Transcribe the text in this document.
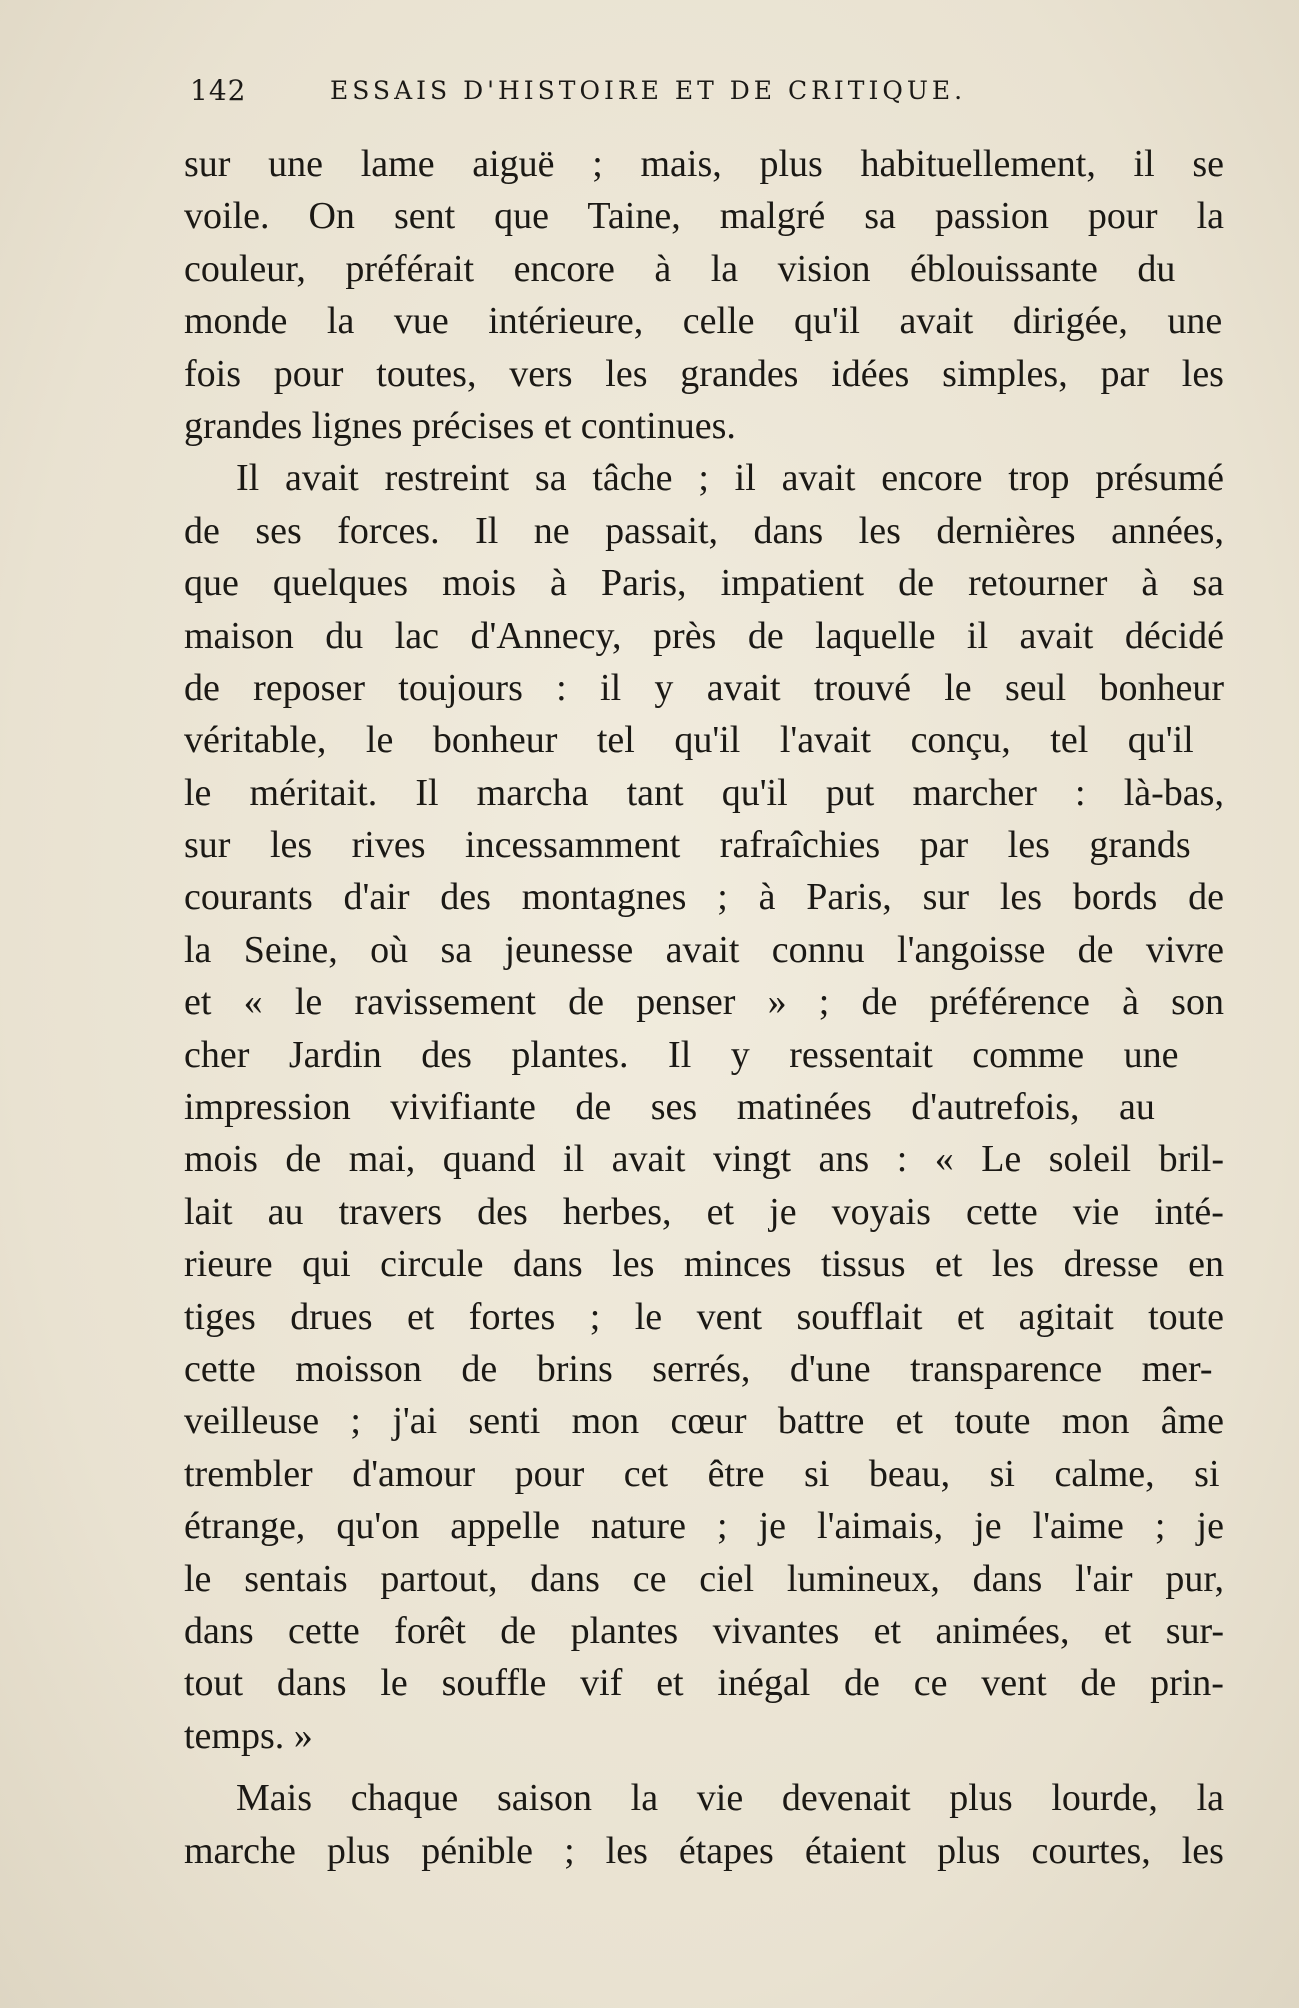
142	ESSAIS D'HISTOIRE ET DE CRITIQUE.
sur une lame aiguë ; mais, plus habituellement, il se
voile. On sent que Taine, malgré sa passion pour la
couleur, préférait encore à la vision éblouissante du
monde la vue intérieure, celle qu'il avait dirigée, une
fois pour toutes, vers les grandes idées simples, par les
grandes lignes précises et continues.
Il avait restreint sa tâche ; il avait encore trop présumé
de ses forces. Il ne passait, dans les dernières années,
que quelques mois à Paris, impatient de retourner à sa
maison du lac d'Annecy, près de laquelle il avait décidé
de reposer toujours : il y avait trouvé le seul bonheur
véritable, le bonheur tel qu'il l'avait conçu, tel qu'il
le méritait. Il marcha tant qu'il put marcher : là-bas,
sur les rives incessamment rafraîchies par les grands
courants d'air des montagnes ; à Paris, sur les bords de
la Seine, où sa jeunesse avait connu l'angoisse de vivre
et « le ravissement de penser » ; de préférence à son
cher Jardin des plantes. Il y ressentait comme une
impression vivifiante de ses matinées d'autrefois, au
mois de mai, quand il avait vingt ans : « Le soleil bril-
lait au travers des herbes, et je voyais cette vie inté-
rieure qui circule dans les minces tissus et les dresse en
tiges drues et fortes ; le vent soufflait et agitait toute
cette moisson de brins serrés, d'une transparence mer-
veilleuse ; j'ai senti mon cœur battre et toute mon âme
trembler d'amour pour cet être si beau, si calme, si
étrange, qu'on appelle nature ; je l'aimais, je l'aime ; je
le sentais partout, dans ce ciel lumineux, dans l'air pur,
dans cette forêt de plantes vivantes et animées, et sur-
tout dans le souffle vif et inégal de ce vent de prin-
temps. »
Mais chaque saison la vie devenait plus lourde, la
marche plus pénible ; les étapes étaient plus courtes, les
